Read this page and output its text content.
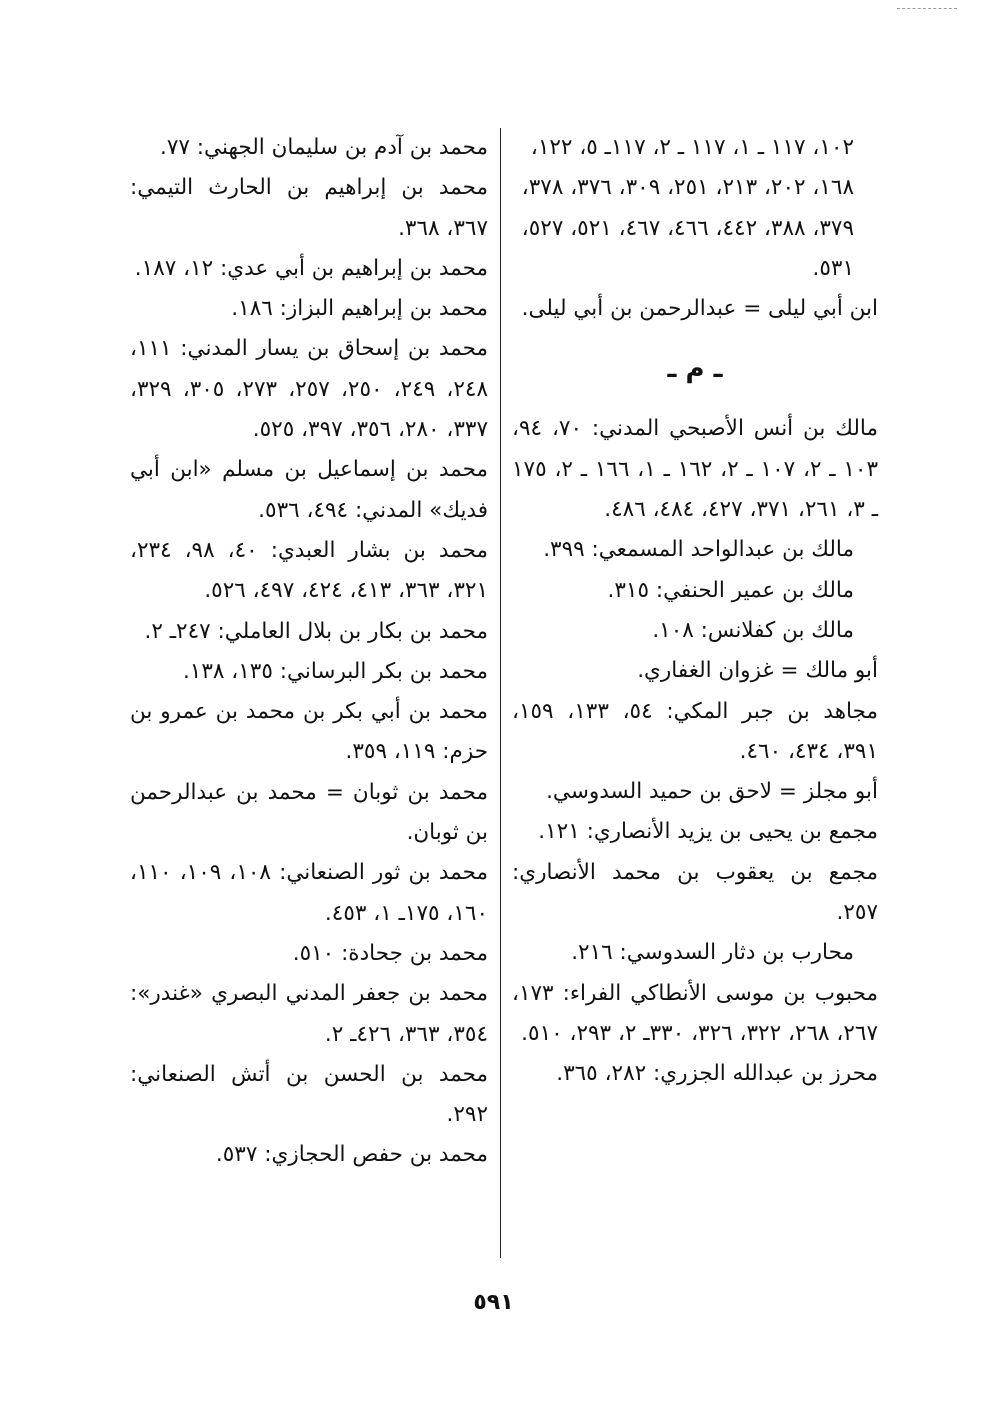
١٠٢، ١١٧ ـ ١، ١١٧ ـ ٢، ١١٧ـ ٥، ١٢٢، ١٦٨، ٢٠٢، ٢١٣، ٢٥١، ٣٠٩، ٣٧٦، ٣٧٨، ٣٧٩، ٣٨٨، ٤٤٢، ٤٦٦، ٤٦٧، ٥٢١، ٥٢٧، ٥٣١.
ابن أبي ليلى = عبدالرحمن بن أبي ليلى.
ـ م ـ
مالك بن أنس الأصبحي المدني: ٧٠، ٩٤، ١٠٣ ـ ٢، ١٠٧ ـ ٢، ١٦٢ ـ ١، ١٦٦ ـ ٢، ١٧٥ ـ ٣، ٢٦١، ٣٧١، ٤٢٧، ٤٨٤، ٤٨٦.
مالك بن عبدالواحد المسمعي: ٣٩٩.
مالك بن عمير الحنفي: ٣١٥.
مالك بن كفلانس: ١٠٨.
أبو مالك = غزوان الغفاري.
مجاهد بن جبر المكي: ٥٤، ١٣٣، ١٥٩، ٣٩١، ٤٣٤، ٤٦٠.
أبو مجلز = لاحق بن حميد السدوسي.
مجمع بن يحيى بن يزيد الأنصاري: ١٢١.
مجمع بن يعقوب بن محمد الأنصاري: ٢٥٧.
محارب بن دثار السدوسي: ٢١٦.
محبوب بن موسى الأنطاكي الفراء: ١٧٣، ٢٦٧، ٢٦٨، ٣٢٢، ٣٢٦، ٣٣٠ـ ٢، ٢٩٣، ٥١٠.
محرز بن عبدالله الجزري: ٢٨٢، ٣٦٥.
محمد بن آدم بن سليمان الجهني: ٧٧.
محمد بن إبراهيم بن الحارث التيمي: ٣٦٧، ٣٦٨.
محمد بن إبراهيم بن أبي عدي: ١٢، ١٨٧.
محمد بن إبراهيم البزاز: ١٨٦.
محمد بن إسحاق بن يسار المدني: ١١١، ٢٤٨، ٢٤٩، ٢٥٠، ٢٥٧، ٢٧٣، ٣٠٥، ٣٢٩، ٣٣٧، ٢٨٠، ٣٥٦، ٣٩٧، ٥٢٥.
محمد بن إسماعيل بن مسلم «ابن أبي فديك» المدني: ٤٩٤، ٥٣٦.
محمد بن بشار العبدي: ٤٠، ٩٨، ٢٣٤، ٣٢١، ٣٦٣، ٤١٣، ٤٢٤، ٤٩٧، ٥٢٦.
محمد بن بكار بن بلال العاملي: ٢٤٧ـ ٢.
محمد بن بكر البرساني: ١٣٥، ١٣٨.
محمد بن أبي بكر بن محمد بن عمرو بن حزم: ١١٩، ٣٥٩.
محمد بن ثوبان = محمد بن عبدالرحمن بن ثوبان.
محمد بن ثور الصنعاني: ١٠٨، ١٠٩، ١١٠، ١٦٠، ١٧٥ـ ١، ٤٥٣.
محمد بن جحادة: ٥١٠.
محمد بن جعفر المدني البصري «غندر»: ٣٥٤، ٣٦٣، ٤٢٦ـ ٢.
محمد بن الحسن بن أتش الصنعاني: ٢٩٢.
محمد بن حفص الحجازي: ٥٣٧.
٥٩١
